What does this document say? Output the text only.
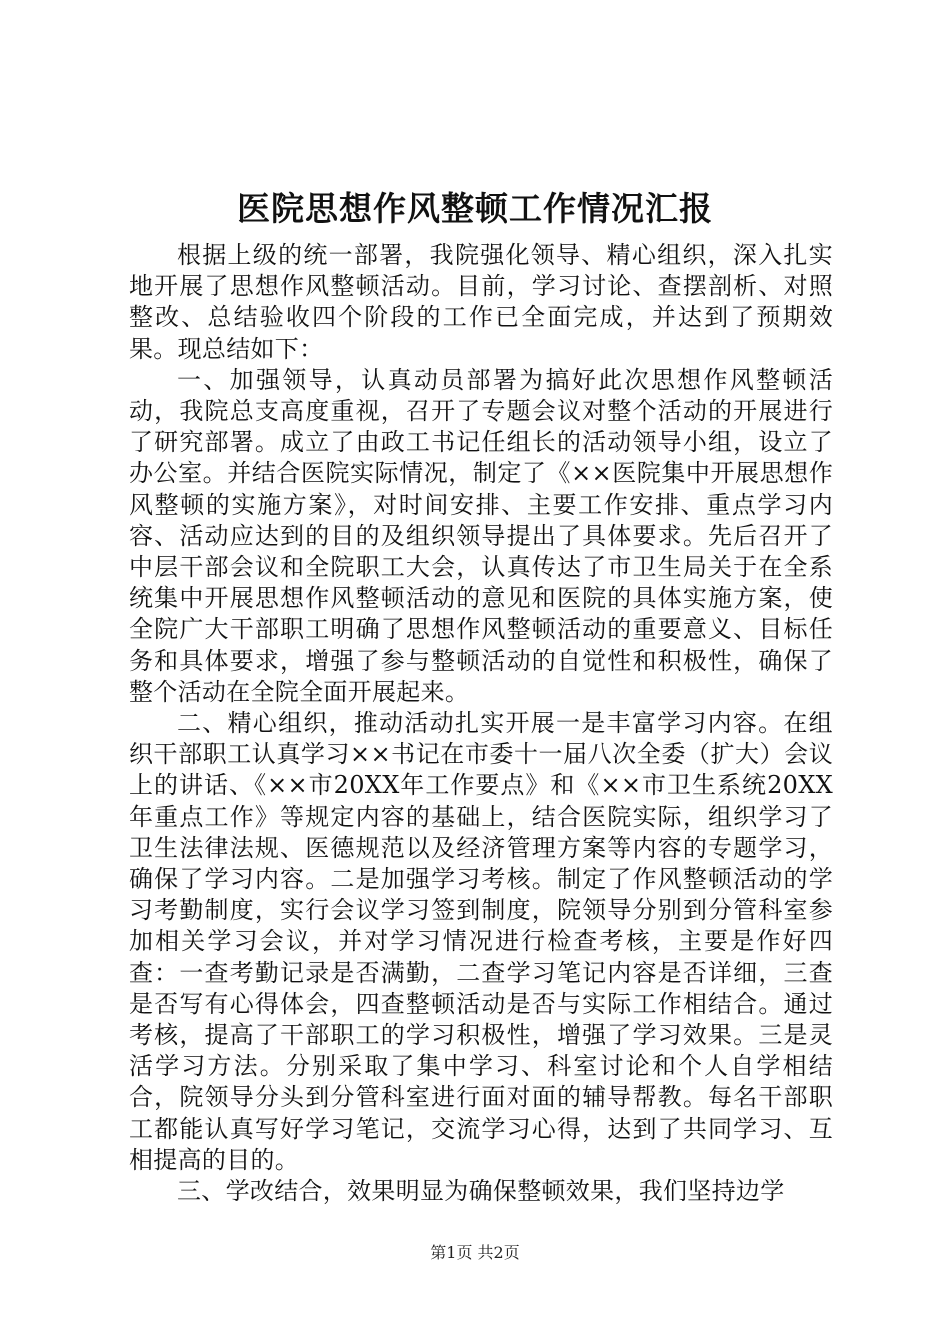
医院思想作风整顿工作情况汇报

根据上级的统一部署，我院强化领导、精心组织，深入扎实地开展了思想作风整顿活动。目前，学习讨论、查摆剖析、对照整改、总结验收四个阶段的工作已全面完成，并达到了预期效果。现总结如下：

一、加强领导，认真动员部署为搞好此次思想作风整顿活动，我院总支高度重视，召开了专题会议对整个活动的开展进行了研究部署。成立了由政工书记任组长的活动领导小组，设立了办公室。并结合医院实际情况，制定了《××医院集中开展思想作风整顿的实施方案》，对时间安排、主要工作安排、重点学习内容、活动应达到的目的及组织领导提出了具体要求。先后召开了中层干部会议和全院职工大会，认真传达了市卫生局关于在全系统集中开展思想作风整顿活动的意见和医院的具体实施方案，使全院广大干部职工明确了思想作风整顿活动的重要意义、目标任务和具体要求，增强了参与整顿活动的自觉性和积极性，确保了整个活动在全院全面开展起来。

二、精心组织，推动活动扎实开展一是丰富学习内容。在组织干部职工认真学习××书记在市委十一届八次全委（扩大）会议上的讲话、《××市20XX年工作要点》和《××市卫生系统20XX年重点工作》等规定内容的基础上，结合医院实际，组织学习了卫生法律法规、医德规范以及经济管理方案等内容的专题学习，确保了学习内容。二是加强学习考核。制定了作风整顿活动的学习考勤制度，实行会议学习签到制度，院领导分别到分管科室参加相关学习会议，并对学习情况进行检查考核，主要是作好四查：一查考勤记录是否满勤，二查学习笔记内容是否详细，三查是否写有心得体会，四查整顿活动是否与实际工作相结合。通过考核，提高了干部职工的学习积极性，增强了学习效果。三是灵活学习方法。分别采取了集中学习、科室讨论和个人自学相结合，院领导分头到分管科室进行面对面的辅导帮教。每名干部职工都能认真写好学习笔记，交流学习心得，达到了共同学习、互相提高的目的。

三、学改结合，效果明显为确保整顿效果，我们坚持边学

第1页 共2页
